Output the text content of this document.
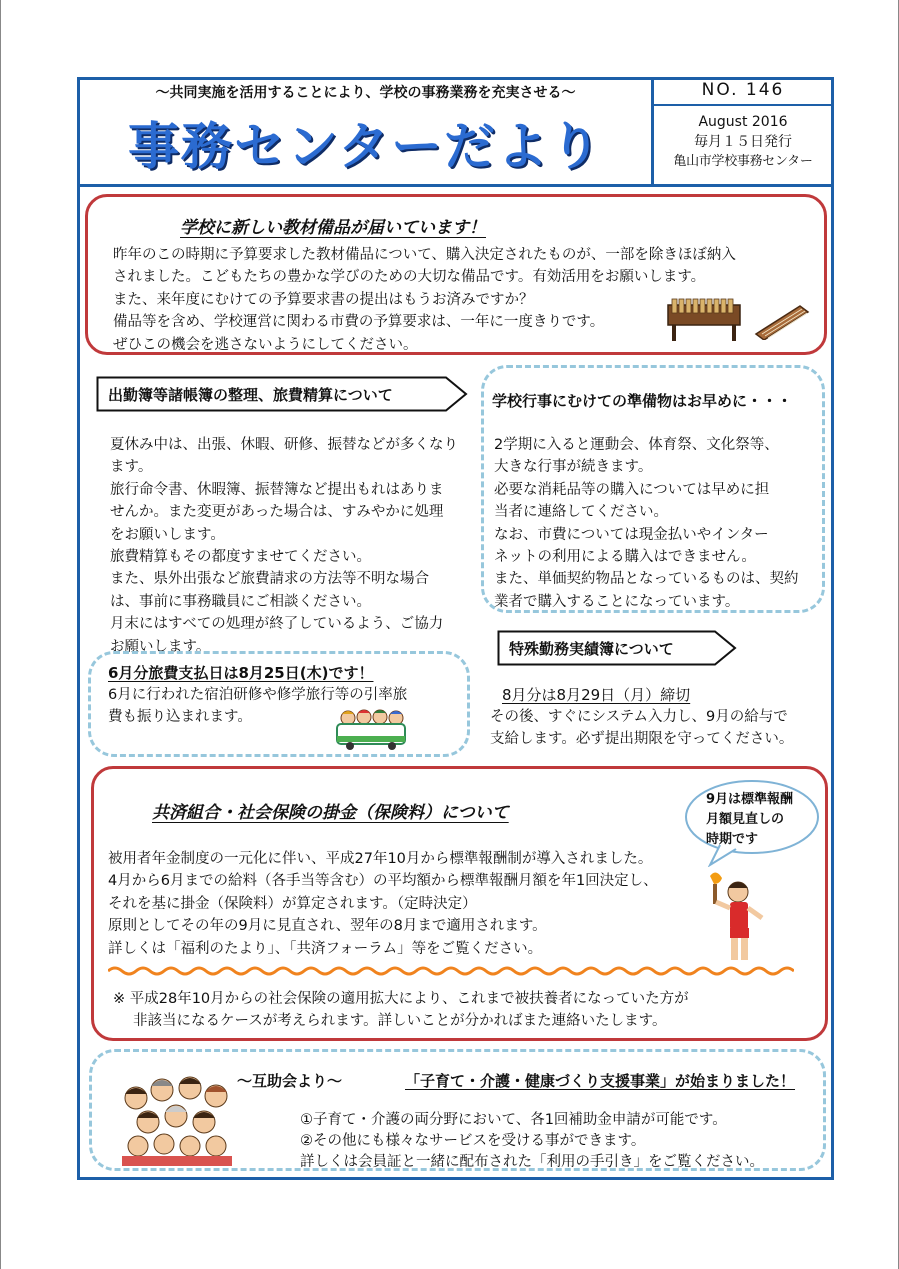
～共同実施を活用することにより、学校の事務業務を充実させる～
事務センターだより
NO. 146
August 2016
毎月１５日発行
亀山市学校事務センター
学校に新しい教材備品が届いています！
昨年のこの時期に予算要求した教材備品について、購入決定されたものが、一部を除きほぼ納入
されました。こどもたちの豊かな学びのための大切な備品です。有効活用をお願いします。
また、来年度にむけての予算要求書の提出はもうお済みですか？
備品等を含め、学校運営に関わる市費の予算要求は、一年に一度きりです。
ぜひこの機会を逃さないようにしてください。
出勤簿等諸帳簿の整理、旅費精算について
夏休み中は、出張、休暇、研修、振替などが多くなり
ます。
旅行命令書、休暇簿、振替簿など提出もれはありま
せんか。また変更があった場合は、すみやかに処理
をお願いします。
旅費精算もその都度すませてください。
また、県外出張など旅費請求の方法等不明な場合
は、事前に事務職員にご相談ください。
月末にはすべての処理が終了しているよう、ご協力
お願いします。
6月分旅費支払日は8月25日(木)です！
6月に行われた宿泊研修や修学旅行等の引率旅
費も振り込まれます。
学校行事にむけての準備物はお早めに・・・
2学期に入ると運動会、体育祭、文化祭等、
大きな行事が続きます。
必要な消耗品等の購入については早めに担
当者に連絡してください。
なお、市費については現金払いやインター
ネットの利用による購入はできません。
また、単価契約物品となっているものは、契約
業者で購入することになっています。
特殊勤務実績簿について
8月分は8月29日（月）締切
その後、すぐにシステム入力し、9月の給与で
支給します。必ず提出期限を守ってください。
共済組合・社会保険の掛金（保険料）について
9月は標準報酬
月額見直しの
時期です
被用者年金制度の一元化に伴い、平成27年10月から標準報酬制が導入されました。
4月から6月までの給料（各手当等含む）の平均額から標準報酬月額を年1回決定し、
それを基に掛金（保険料）が算定されます。（定時決定）
原則としてその年の9月に見直され、翌年の8月まで適用されます。
詳しくは「福利のたより」、「共済フォーラム」等をご覧ください。
※ 平成28年10月からの社会保険の適用拡大により、これまで被扶養者になっていた方が
非該当になるケースが考えられます。詳しいことが分かればまた連絡いたします。
～互助会より～	「子育て・介護・健康づくり支援事業」が始まりました！
①子育て・介護の両分野において、各1回補助金申請が可能です。
②その他にも様々なサービスを受ける事ができます。
詳しくは会員証と一緒に配布された「利用の手引き」をご覧ください。
